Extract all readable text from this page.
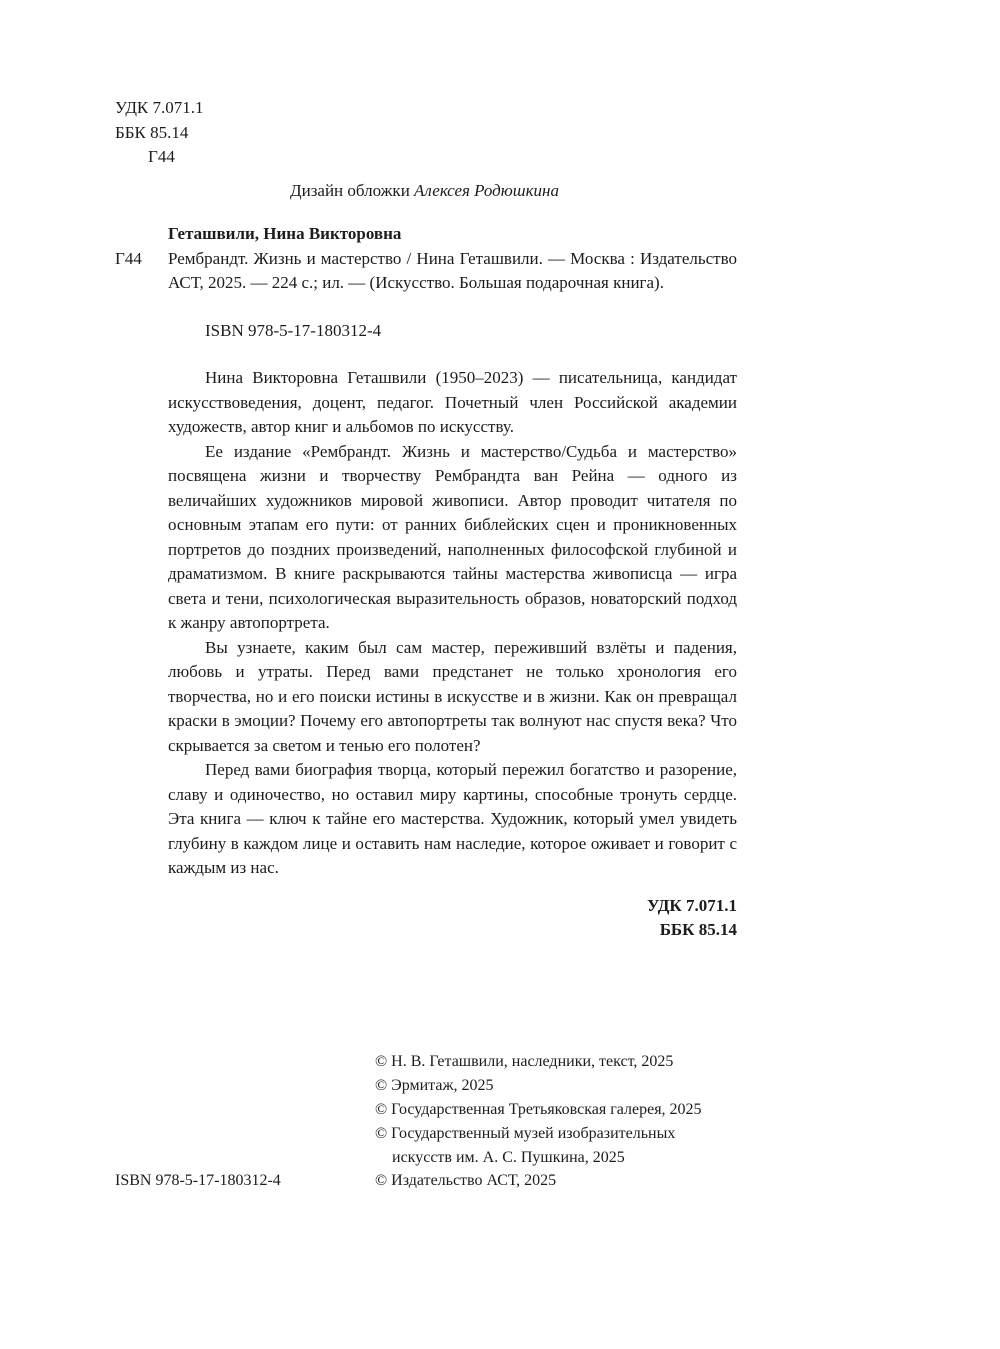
УДК 7.071.1
ББК 85.14
Г44
Дизайн обложки Алексея Родюшкина
Геташвили, Нина Викторовна
Г44	Рембрандт. Жизнь и мастерство / Нина Геташвили. — Москва : Издательство АСТ, 2025. — 224 с.; ил. — (Искусство. Большая подарочная книга).
ISBN 978-5-17-180312-4

Нина Викторовна Геташвили (1950–2023) — писательница, кандидат искусствоведения, доцент, педагог. Почетный член Российской академии художеств, автор книг и альбомов по искусству.

Ее издание «Рембрандт. Жизнь и мастерство/Судьба и мастерство» посвящена жизни и творчеству Рембрандта ван Рейна — одного из величайших художников мировой живописи. Автор проводит читателя по основным этапам его пути: от ранних библейских сцен и проникновенных портретов до поздних произведений, наполненных философской глубиной и драматизмом. В книге раскрываются тайны мастерства живописца — игра света и тени, психологическая выразительность образов, новаторский подход к жанру автопортрета.

Вы узнаете, каким был сам мастер, переживший взлёты и падения, любовь и утраты. Перед вами предстанет не только хронология его творчества, но и его поиски истины в искусстве и в жизни. Как он превращал краски в эмоции? Почему его автопортреты так волнуют нас спустя века? Что скрывается за светом и тенью его полотен?

Перед вами биография творца, который пережил богатство и разорение, славу и одиночество, но оставил миру картины, способные тронуть сердце. Эта книга — ключ к тайне его мастерства. Художник, который умел увидеть глубину в каждом лице и оставить нам наследие, которое оживает и говорит с каждым из нас.

УДК 7.071.1
ББК 85.14
© Н. В. Геташвили, наследники, текст, 2025
© Эрмитаж, 2025
© Государственная Третьяковская галерея, 2025
© Государственный музей изобразительных искусств им. А. С. Пушкина, 2025
ISBN 978-5-17-180312-4	© Издательство АСТ, 2025
